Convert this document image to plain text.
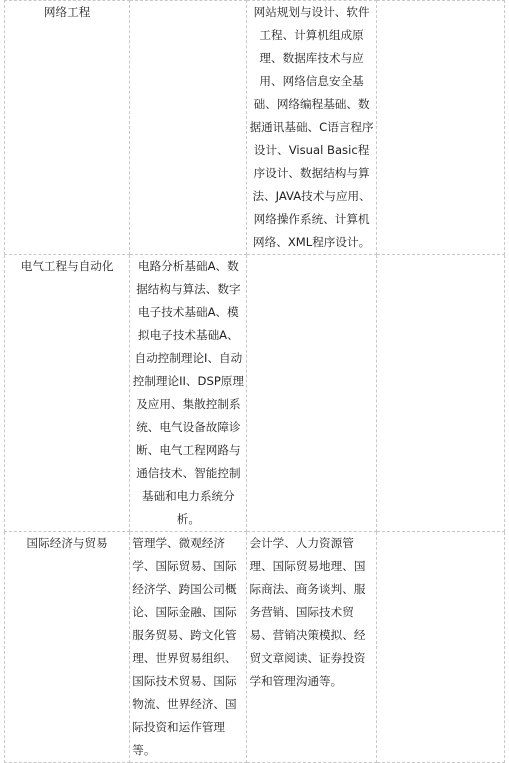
网络工程		网站规划与设计、软件工程、计算机组成原理、数据库技术与应用、网络信息安全基础、网络编程基础、数据通讯基础、C语言程序设计、Visual Basic程序设计、数据结构与算法、JAVA技术与应用、网络操作系统、计算机网络、XML程序设计。	
电气工程与自动化	电路分析基础A、数据结构与算法、数字电子技术基础A、模拟电子技术基础A、自动控制理论I、自动控制理论II、DSP原理及应用、集散控制系统、电气设备故障诊断、电气工程网路与通信技术、智能控制基础和电力系统分析。		
国际经济与贸易	管理学、微观经济学、国际贸易、国际经济学、跨国公司概论、国际金融、国际服务贸易、跨文化管理、世界贸易组织、国际技术贸易、国际物流、世界经济、国际投资和运作管理等。	会计学、人力资源管理、国际贸易地理、国际商法、商务谈判、服务营销、国际技术贸易、营销决策模拟、经贸文章阅读、证券投资学和管理沟通等。	
